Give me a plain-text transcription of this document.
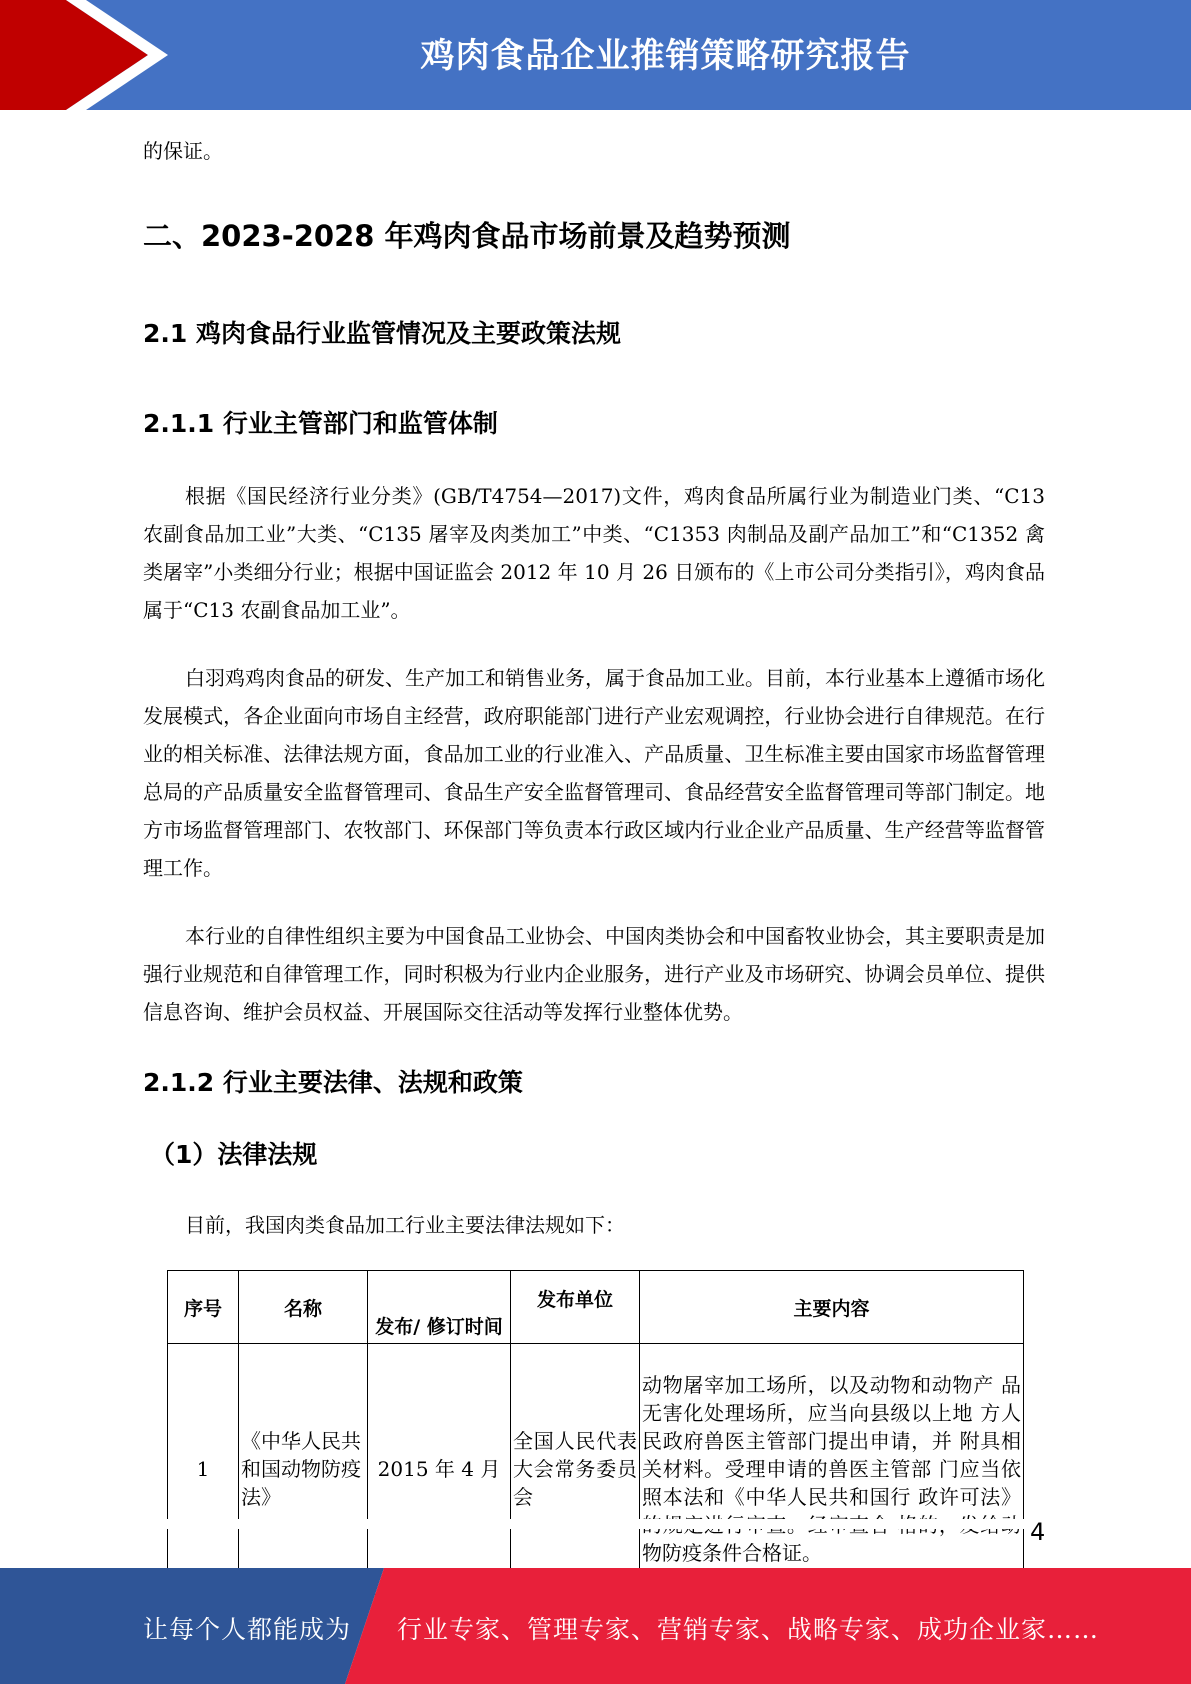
鸡肉食品企业推销策略研究报告
的保证。
二、2023-2028 年鸡肉食品市场前景及趋势预测
2.1 鸡肉食品行业监管情况及主要政策法规
2.1.1 行业主管部门和监管体制
根据《国民经济行业分类》(GB/T4754—2017)文件，鸡肉食品所属行业为制造业门类、“C13 农副食品加工业”大类、“C135 屠宰及肉类加工”中类、“C1353 肉制品及副产品加工”和“C1352 禽类屠宰”小类细分行业；根据中国证监会 2012 年 10 月 26 日颁布的《上市公司分类指引》，鸡肉食品属于“C13 农副食品加工业”。
白羽鸡鸡肉食品的研发、生产加工和销售业务，属于食品加工业。目前，本行业基本上遵循市场化发展模式，各企业面向市场自主经营，政府职能部门进行产业宏观调控，行业协会进行自律规范。在行业的相关标准、法律法规方面，食品加工业的行业准入、产品质量、卫生标准主要由国家市场监督管理总局的产品质量安全监督管理司、食品生产安全监督管理司、食品经营安全监督管理司等部门制定。地方市场监督管理部门、农牧部门、环保部门等负责本行政区域内行业企业产品质量、生产经营等监督管理工作。
本行业的自律性组织主要为中国食品工业协会、中国肉类协会和中国畜牧业协会，其主要职责是加强行业规范和自律管理工作，同时积极为行业内企业服务，进行产业及市场研究、协调会员单位、提供信息咨询、维护会员权益、开展国际交往活动等发挥行业整体优势。
2.1.2 行业主要法律、法规和政策
（1）法律法规
目前，我国肉类食品加工行业主要法律法规如下：
序号	名称	发布/ 修订时间	发布单位	主要内容
1	《中华人民共和国动物防疫法》	2015 年 4 月	全国人民代表大会常务委员会	动物屠宰加工场所，以及动物和动物产 品无害化处理场所，应当向县级以上地 方人民政府兽医主管部门提出申请，并 附具相关材料。受理申请的兽医主管部 门应当依照本法和《中华人民共和国行 政许可法》 物防疫条件合格证。
4
让每个人都能成为 行业专家、管理专家、营销专家、战略专家、成功企业家……
